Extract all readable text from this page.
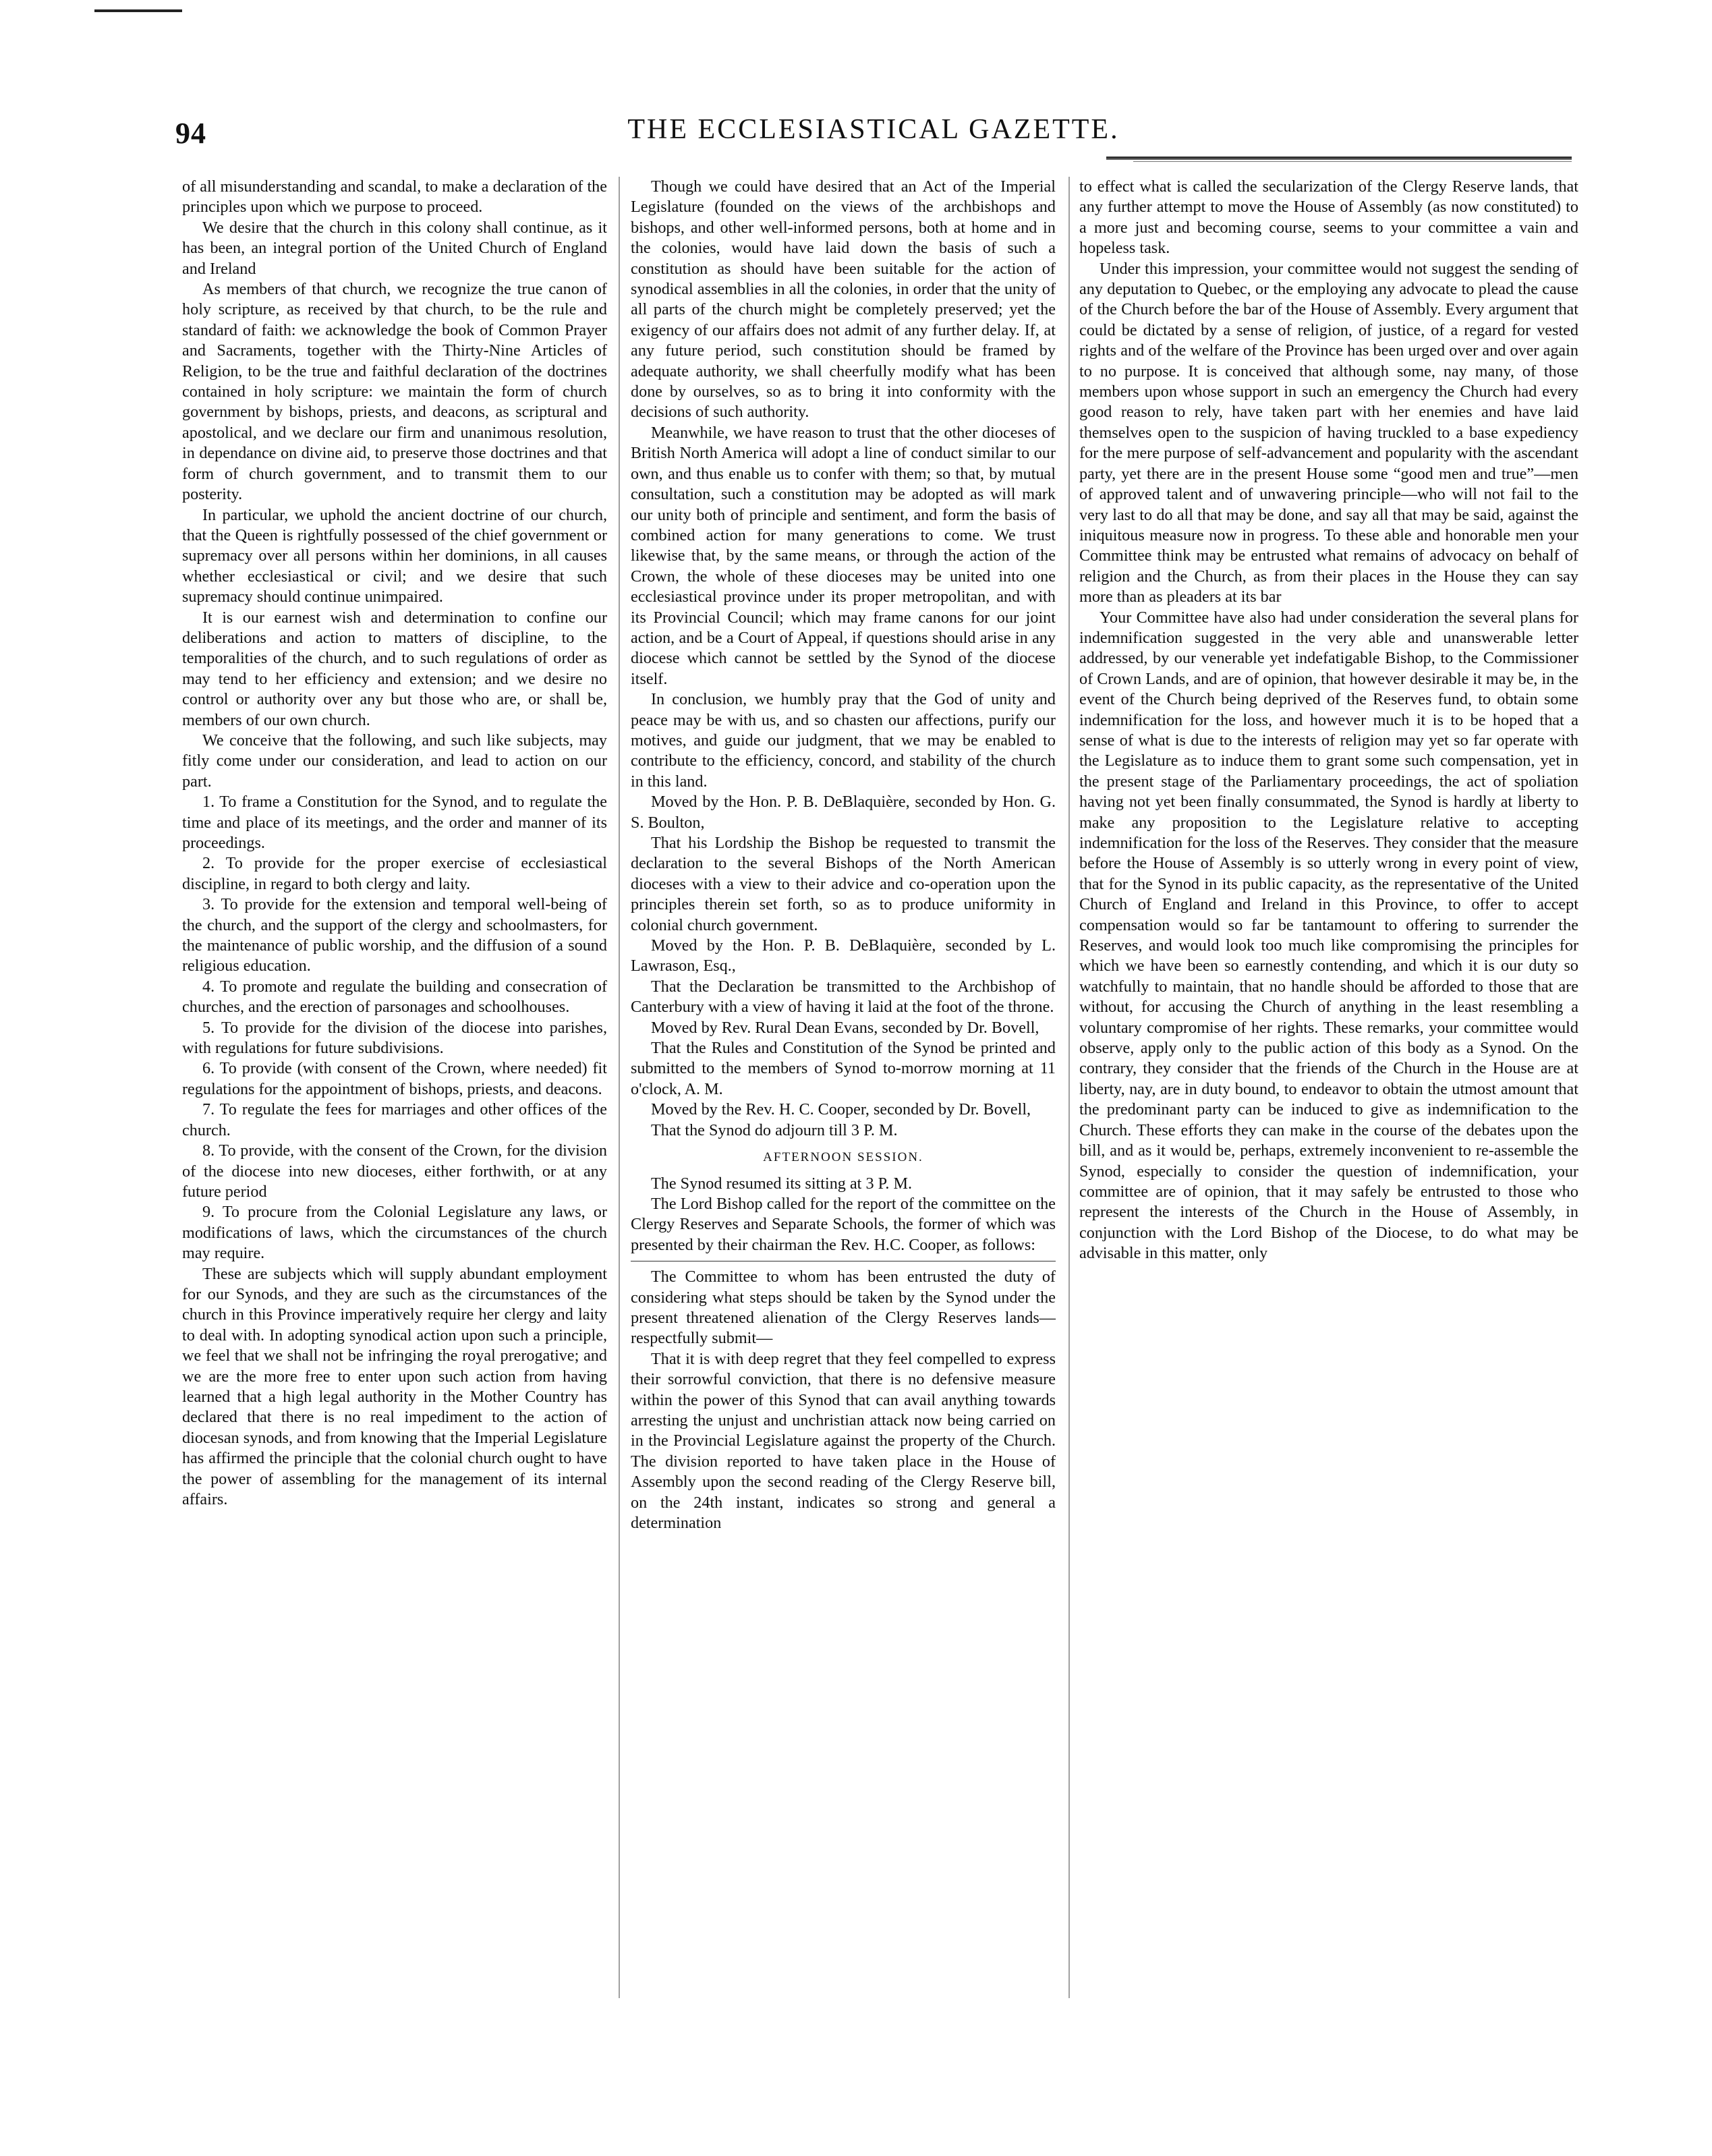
94	THE ECCLESIASTICAL GAZETTE.

of all misunderstanding and scandal, to make a declaration of the principles upon which we purpose to proceed.

We desire that the church in this colony shall continue, as it has been, an integral portion of the United Church of England and Ireland

As members of that church, we recognize the true canon of holy scripture, as received by that church, to be the rule and standard of faith: we acknowledge the book of Common Prayer and Sacraments, together with the Thirty-Nine Articles of Religion, to be the true and faithful declaration of the doctrines contained in holy scripture: we maintain the form of church government by bishops, priests, and deacons, as scriptural and apostolical, and we declare our firm and unanimous resolution, in dependance on divine aid, to preserve those doctrines and that form of church government, and to transmit them to our posterity.

In particular, we uphold the ancient doctrine of our church, that the Queen is rightfully possessed of the chief government or supremacy over all persons within her dominions, in all causes whether ecclesiastical or civil; and we desire that such supremacy should continue unimpaired.

It is our earnest wish and determination to confine our deliberations and action to matters of discipline, to the temporalities of the church, and to such regulations of order as may tend to her efficiency and extension; and we desire no control or authority over any but those who are, or shall be, members of our own church.

We conceive that the following, and such like subjects, may fitly come under our consideration, and lead to action on our part.

1. To frame a Constitution for the Synod, and to regulate the time and place of its meetings, and the order and manner of its proceedings.

2. To provide for the proper exercise of ecclesiastical discipline, in regard to both clergy and laity.

3. To provide for the extension and temporal well-being of the church, and the support of the clergy and schoolmasters, for the maintenance of public worship, and the diffusion of a sound religious education.

4. To promote and regulate the building and consecration of churches, and the erection of parsonages and schoolhouses.

5. To provide for the division of the diocese into parishes, with regulations for future subdivisions.

6. To provide (with consent of the Crown, where needed) fit regulations for the appointment of bishops, priests, and deacons.

7. To regulate the fees for marriages and other offices of the church.

8. To provide, with the consent of the Crown, for the division of the diocese into new dioceses, either forthwith, or at any future period

9. To procure from the Colonial Legislature any laws, or modifications of laws, which the circumstances of the church may require.

These are subjects which will supply abundant employment for our Synods, and they are such as the circumstances of the church in this Province imperatively require her clergy and laity to deal with. In adopting synodical action upon such a principle, we feel that we shall not be infringing the royal prerogative; and we are the more free to enter upon such action from having learned that a high legal authority in the Mother Country has declared that there is no real impediment to the action of diocesan synods, and from knowing that the Imperial Legislature has affirmed the principle that the colonial church ought to have the power of assembling for the management of its internal affairs.

Though we could have desired that an Act of the Imperial Legislature (founded on the views of the archbishops and bishops, and other well-informed persons, both at home and in the colonies, would have laid down the basis of such a constitution as should have been suitable for the action of synodical assemblies in all the colonies, in order that the unity of all parts of the church might be completely preserved; yet the exigency of our affairs does not admit of any further delay. If, at any future period, such constitution should be framed by adequate authority, we shall cheerfully modify what has been done by ourselves, so as to bring it into conformity with the decisions of such authority.

Meanwhile, we have reason to trust that the other dioceses of British North America will adopt a line of conduct similar to our own, and thus enable us to confer with them; so that, by mutual consultation, such a constitution may be adopted as will mark our unity both of principle and sentiment, and form the basis of combined action for many generations to come. We trust likewise that, by the same means, or through the action of the Crown, the whole of these dioceses may be united into one ecclesiastical province under its proper metropolitan, and with its Provincial Council; which may frame canons for our joint action, and be a Court of Appeal, if questions should arise in any diocese which cannot be settled by the Synod of the diocese itself.

In conclusion, we humbly pray that the God of unity and peace may be with us, and so chasten our affections, purify our motives, and guide our judgment, that we may be enabled to contribute to the efficiency, concord, and stability of the church in this land.

Moved by the Hon. P. B. DeBlaquière, seconded by Hon. G. S. Boulton,

That his Lordship the Bishop be requested to transmit the declaration to the several Bishops of the North American dioceses with a view to their advice and co-operation upon the principles therein set forth, so as to produce uniformity in colonial church government.

Moved by the Hon. P. B. DeBlaquière, seconded by L. Lawrason, Esq.,

That the Declaration be transmitted to the Archbishop of Canterbury with a view of having it laid at the foot of the throne.

Moved by Rev. Rural Dean Evans, seconded by Dr. Bovell,

That the Rules and Constitution of the Synod be printed and submitted to the members of Synod to-morrow morning at 11 o'clock, A. M.

Moved by the Rev. H. C. Cooper, seconded by Dr. Bovell,

That the Synod do adjourn till 3 P. M.

AFTERNOON SESSION.

The Synod resumed its sitting at 3 P. M.

The Lord Bishop called for the report of the committee on the Clergy Reserves and Separate Schools, the former of which was presented by their chairman the Rev. H.C. Cooper, as follows:

The Committee to whom has been entrusted the duty of considering what steps should be taken by the Synod under the present threatened alienation of the Clergy Reserves lands—respectfully submit—

That it is with deep regret that they feel compelled to express their sorrowful conviction, that there is no defensive measure within the power of this Synod that can avail anything towards arresting the unjust and unchristian attack now being carried on in the Provincial Legislature against the property of the Church. The division reported to have taken place in the House of Assembly upon the second reading of the Clergy Reserve bill, on the 24th instant, indicates so strong and general a determination

to effect what is called the secularization of the Clergy Reserve lands, that any further attempt to move the House of Assembly (as now constituted) to a more just and becoming course, seems to your committee a vain and hopeless task.

Under this impression, your committee would not suggest the sending of any deputation to Quebec, or the employing any advocate to plead the cause of the Church before the bar of the House of Assembly. Every argument that could be dictated by a sense of religion, of justice, of a regard for vested rights and of the welfare of the Province has been urged over and over again to no purpose. It is conceived that although some, nay many, of those members upon whose support in such an emergency the Church had every good reason to rely, have taken part with her enemies and have laid themselves open to the suspicion of having truckled to a base expediency for the mere purpose of self-advancement and popularity with the ascendant party, yet there are in the present House some “good men and true”—men of approved talent and of unwavering principle—who will not fail to the very last to do all that may be done, and say all that may be said, against the iniquitous measure now in progress. To these able and honorable men your Committee think may be entrusted what remains of advocacy on behalf of religion and the Church, as from their places in the House they can say more than as pleaders at its bar

Your Committee have also had under consideration the several plans for indemnification suggested in the very able and unanswerable letter addressed, by our venerable yet indefatigable Bishop, to the Commissioner of Crown Lands, and are of opinion, that however desirable it may be, in the event of the Church being deprived of the Reserves fund, to obtain some indemnification for the loss, and however much it is to be hoped that a sense of what is due to the interests of religion may yet so far operate with the Legislature as to induce them to grant some such compensation, yet in the present stage of the Parliamentary proceedings, the act of spoliation having not yet been finally consummated, the Synod is hardly at liberty to make any proposition to the Legislature relative to accepting indemnification for the loss of the Reserves. They consider that the measure before the House of Assembly is so utterly wrong in every point of view, that for the Synod in its public capacity, as the representative of the United Church of England and Ireland in this Province, to offer to accept compensation would so far be tantamount to offering to surrender the Reserves, and would look too much like compromising the principles for which we have been so earnestly contending, and which it is our duty so watchfully to maintain, that no handle should be afforded to those that are without, for accusing the Church of anything in the least resembling a voluntary compromise of her rights. These remarks, your committee would observe, apply only to the public action of this body as a Synod. On the contrary, they consider that the friends of the Church in the House are at liberty, nay, are in duty bound, to endeavor to obtain the utmost amount that the predominant party can be induced to give as indemnification to the Church. These efforts they can make in the course of the debates upon the bill, and as it would be, perhaps, extremely inconvenient to re-assemble the Synod, especially to consider the question of indemnification, your committee are of opinion, that it may safely be entrusted to those who represent the interests of the Church in the House of Assembly, in conjunction with the Lord Bishop of the Diocese, to do what may be advisable in this matter, only
